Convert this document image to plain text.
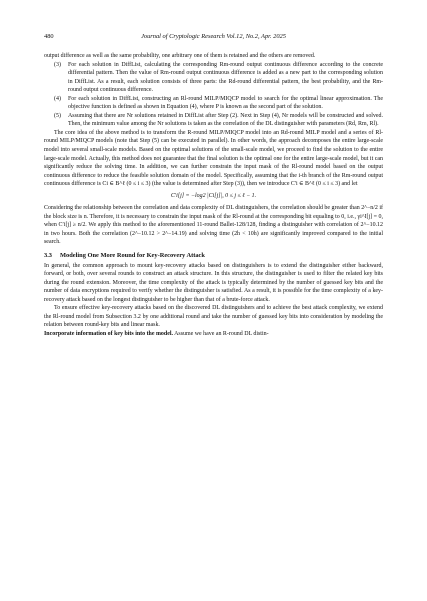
480	Journal of Cryptologic Research Vol.12, No.2, Apr. 2025

output difference as well as the same probability, one arbitrary one of them is retained and the others are removed.

(3) For each solution in DiffList, calculating the corresponding Rm-round output continuous difference according to the concrete differential pattern. Then the value of Rm-round output continuous difference is added as a new part to the corresponding solution in DiffList. As a result, each solution consists of three parts: the Rd-round differential pattern, the best probability, and the Rm-round output continuous difference.
(4) For each solution in DiffList, constructing an Rl-round MILP/MIQCP model to search for the optimal linear approximation. The objective function is defined as shown in Equation (4), where P is known as the second part of the solution.
(5) Assuming that there are Nr solutions retained in DiffList after Step (2). Next in Step (4), Nr models will be constructed and solved. Then, the minimum value among the Nr solutions is taken as the correlation of the DL distinguisher with parameters (Rd, Rm, Rl).

The core idea of the above method is to transform the R-round MILP/MIQCP model into an Rd-round MILP model and a series of Rl-round MILP/MIQCP models (note that Step (5) can be executed in parallel). In other words, the approach decomposes the entire large-scale model into several small-scale models. Based on the optimal solutions of the small-scale model, we proceed to find the solution to the entire large-scale model. Actually, this method does not guarantee that the final solution is the optimal one for the entire large-scale model, but it can significantly reduce the solving time. In addition, we can further constrain the input mask of the Rl-round model based on the output continuous difference to reduce the feasible solution domain of the model. Specifically, assuming that the i-th branch of the Rm-round output continuous difference is Ci ∈ B^ℓ (0 ≤ i ≤ 3) (the value is determined after Step (3)), then we introduce C'i ∈ B^ℓ (0 ≤ i ≤ 3) and let

C′i[j] = −log2 |Ci[j]|, 0 ≤ j ≤ ℓ − 1.

Considering the relationship between the correlation and data complexity of DL distinguishers, the correlation should be greater than 2^−n/2 if the block size is n. Therefore, it is necessary to constrain the input mask of the Rl-round at the corresponding bit equaling to 0, i.e., γi^I[j] = 0, when C′i[j] ≥ n/2. We apply this method to the aforementioned 11-round Ballet-128/128, finding a distinguisher with correlation of 2^−10.12 in two hours. Both the correlation (2^−10.12 > 2^−14.19) and solving time (2h < 10h) are significantly improved compared to the initial search.

3.3 Modeling One More Round for Key-Recovery Attack

In general, the common approach to mount key-recovery attacks based on distinguishers is to extend the distinguisher either backward, forward, or both, over several rounds to construct an attack structure. In this structure, the distinguisher is used to filter the related key bits during the round extension. Moreover, the time complexity of the attack is typically determined by the number of guessed key bits and the number of data encryptions required to verify whether the distinguisher is satisfied. As a result, it is possible for the time complexity of a key-recovery attack based on the longest distinguisher to be higher than that of a brute-force attack.

To ensure effective key-recovery attacks based on the discovered DL distinguishers and to achieve the best attack complexity, we extend the Rl-round model from Subsection 3.2 by one additional round and take the number of guessed key bits into consideration by modeling the relation between round-key bits and linear mask.

Incorporate information of key bits into the model. Assume we have an R-round DL distin-
